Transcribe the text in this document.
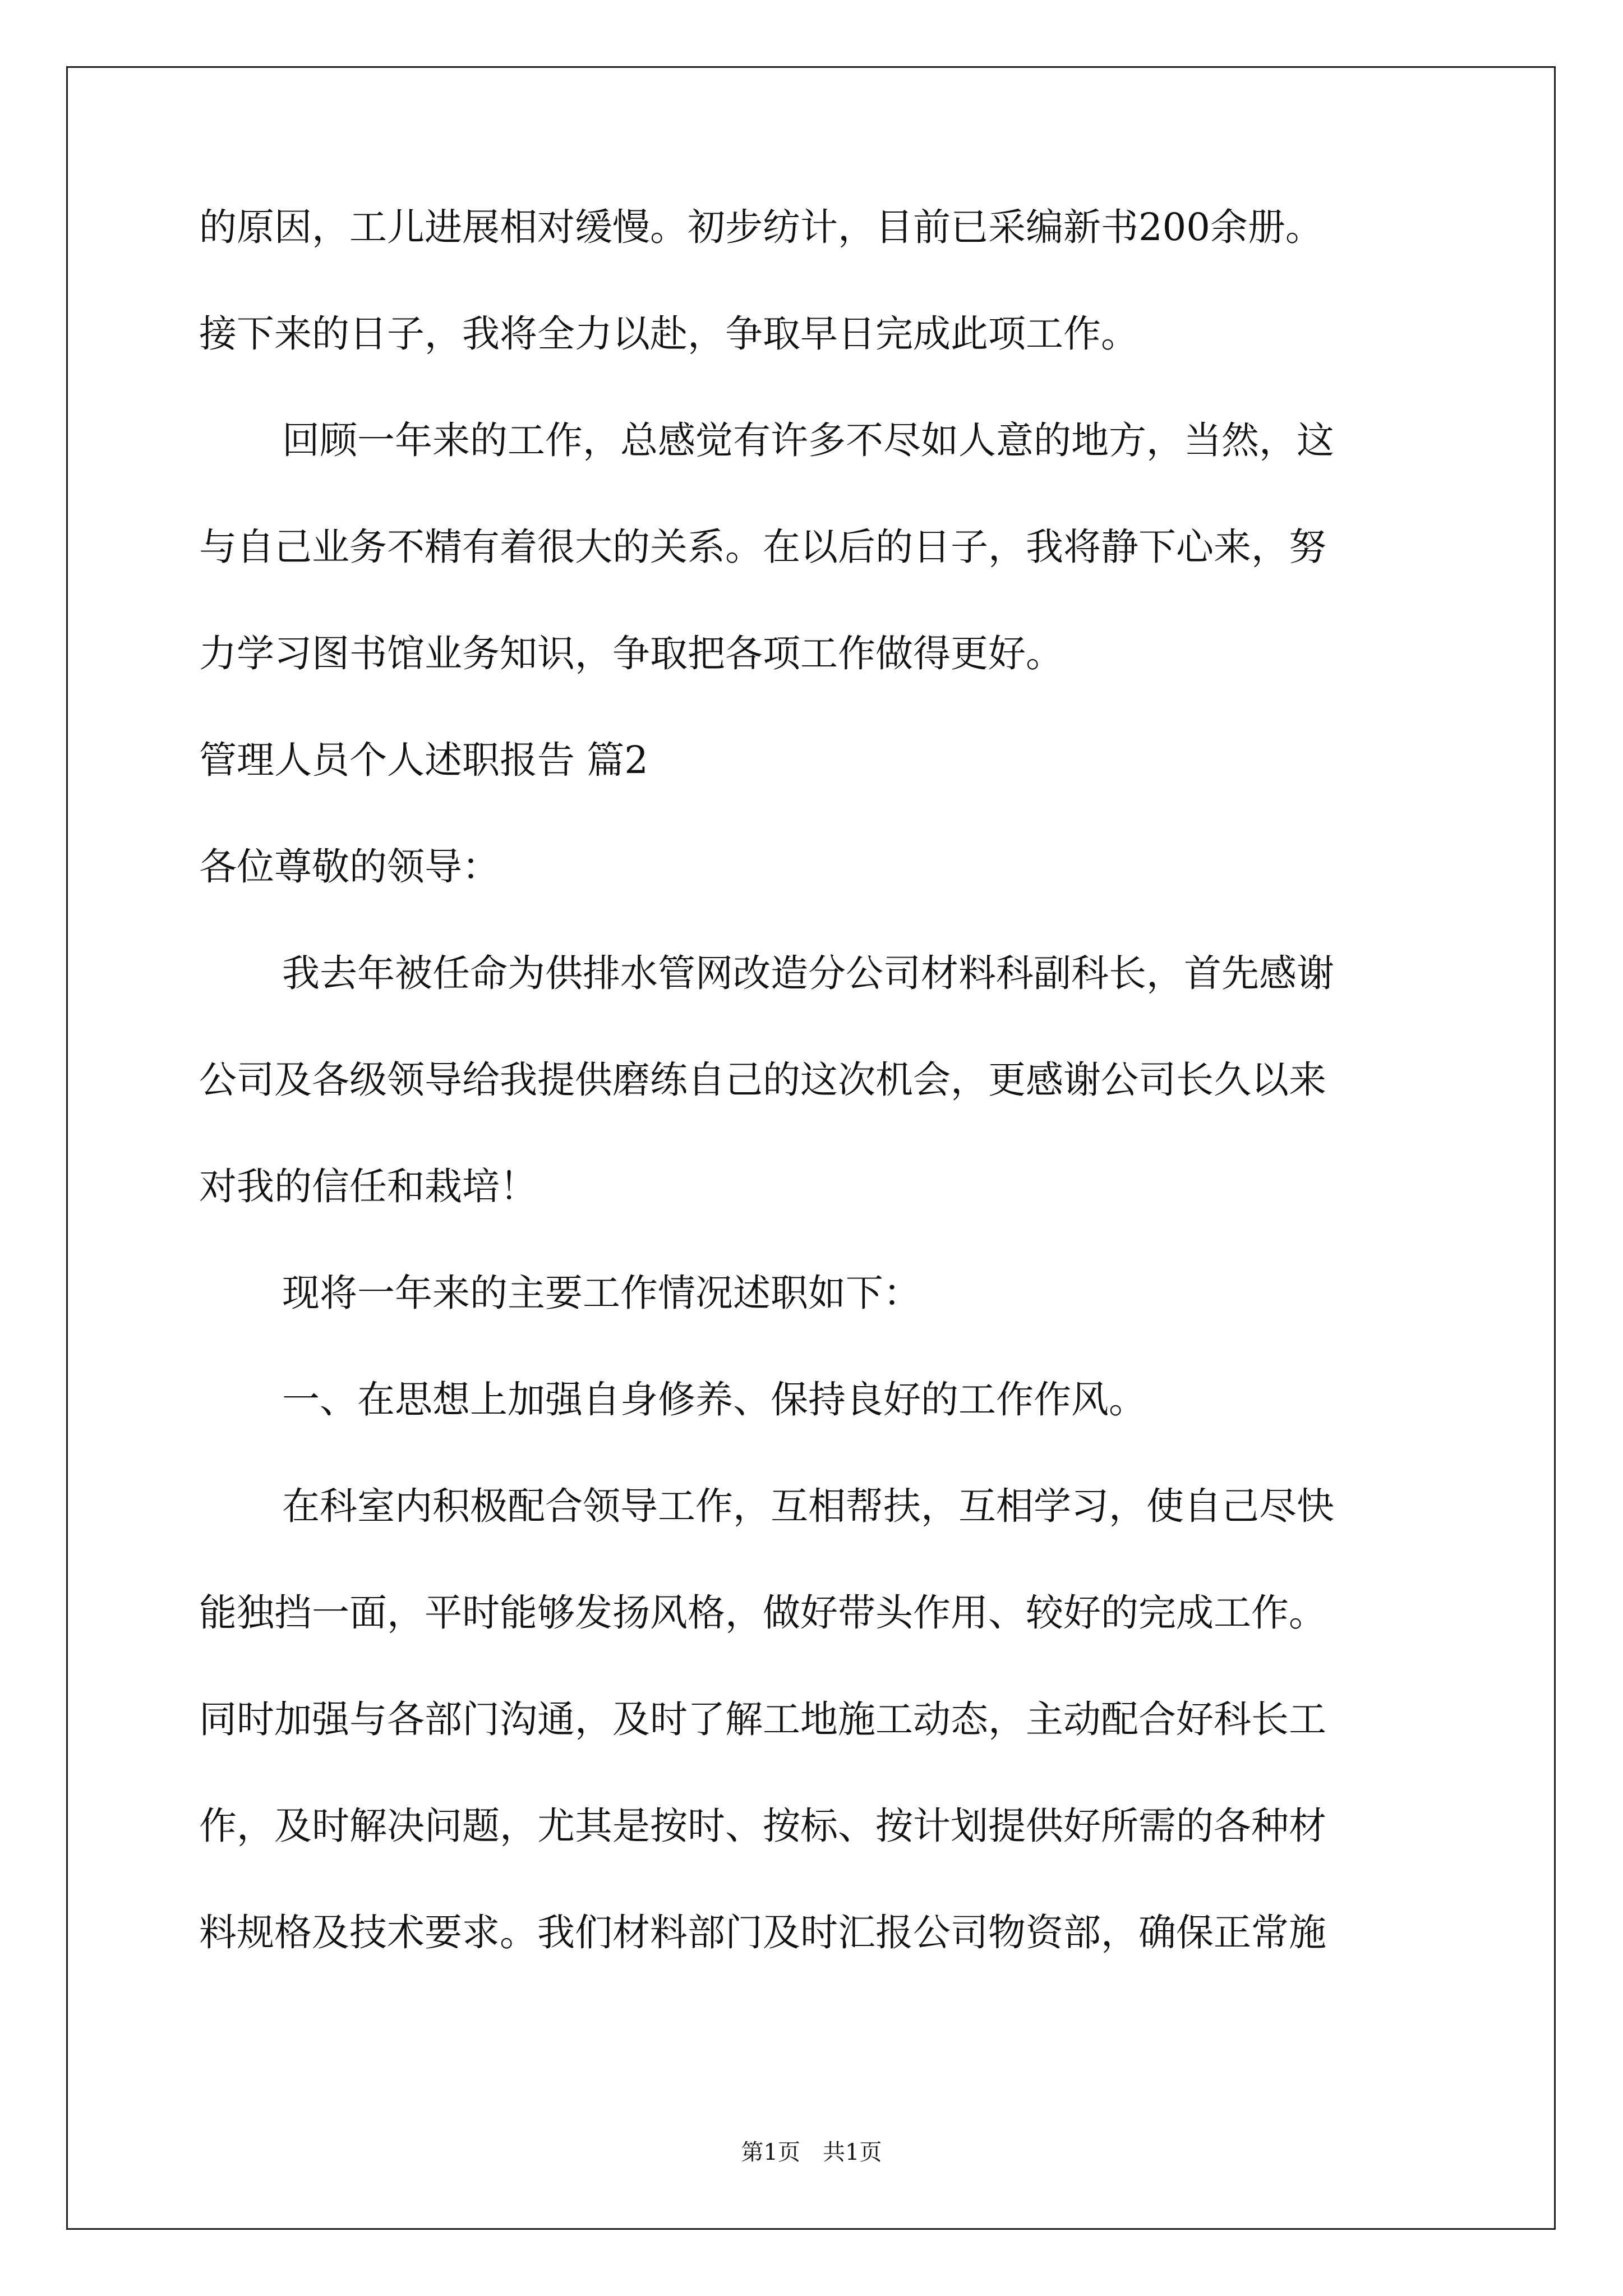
的原因，工儿进展相对缓慢。初步纺计，目前已采编新书200余册。
接下来的日子，我将全力以赴，争取早日完成此项工作。
回顾一年来的工作，总感觉有许多不尽如人意的地方，当然，这
与自己业务不精有着很大的关系。在以后的日子，我将静下心来，努
力学习图书馆业务知识，争取把各项工作做得更好。
管理人员个人述职报告 篇2
各位尊敬的领导：
我去年被任命为供排水管网改造分公司材料科副科长，首先感谢
公司及各级领导给我提供磨练自己的这次机会，更感谢公司长久以来
对我的信任和栽培！
现将一年来的主要工作情况述职如下：
一、在思想上加强自身修养、保持良好的工作作风。
在科室内积极配合领导工作，互相帮扶，互相学习，使自己尽快
能独挡一面，平时能够发扬风格，做好带头作用、较好的完成工作。
同时加强与各部门沟通，及时了解工地施工动态，主动配合好科长工
作，及时解决问题，尤其是按时、按标、按计划提供好所需的各种材
料规格及技术要求。我们材料部门及时汇报公司物资部，确保正常施
第1页 共1页
